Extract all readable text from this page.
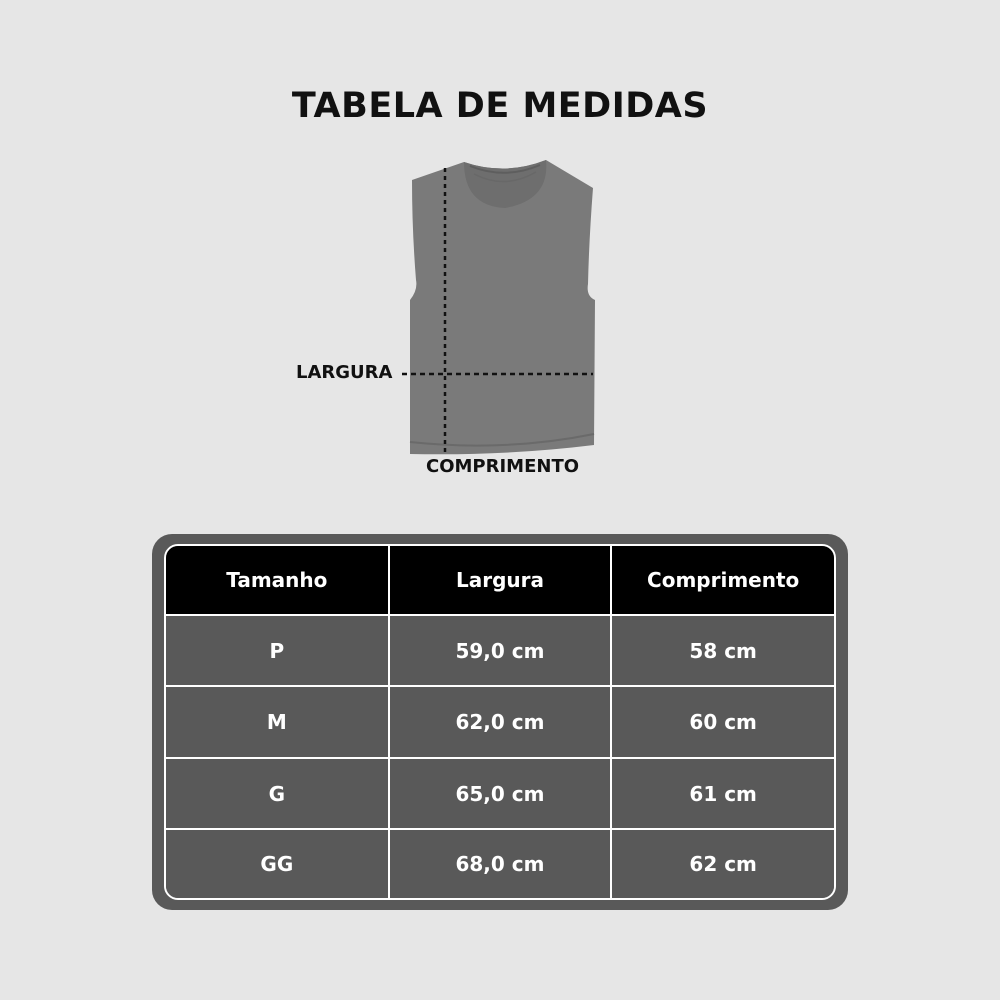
TABELA DE MEDIDAS
LARGURA
COMPRIMENTO
Tamanho	Largura	Comprimento
P	59,0 cm	58 cm
M	62,0 cm	60 cm
G	65,0 cm	61 cm
GG	68,0 cm	62 cm
